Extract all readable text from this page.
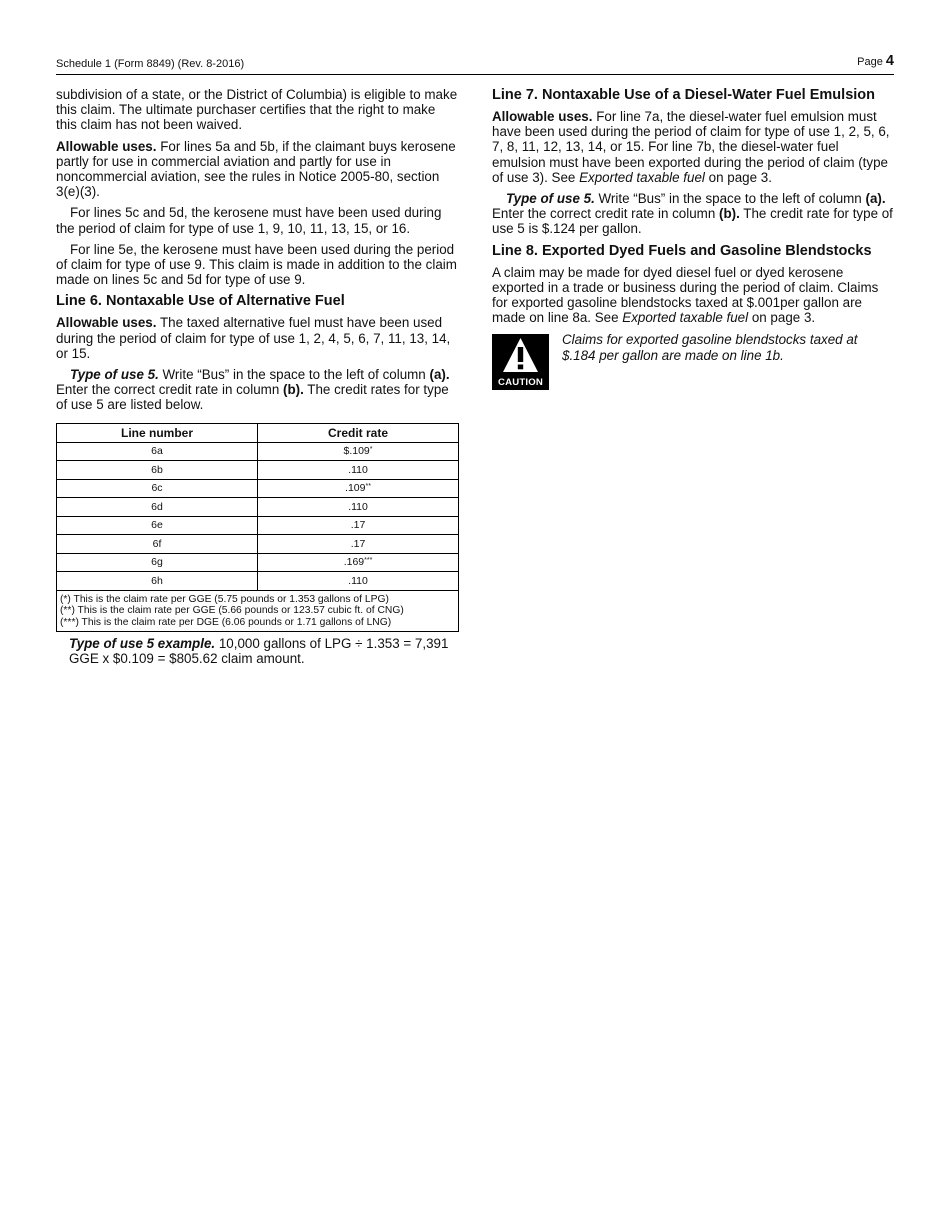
Schedule 1 (Form 8849) (Rev. 8-2016)	Page 4

subdivision of a state, or the District of Columbia) is eligible to make this claim. The ultimate purchaser certifies that the right to make this claim has not been waived.

Allowable uses. For lines 5a and 5b, if the claimant buys kerosene partly for use in commercial aviation and partly for use in noncommercial aviation, see the rules in Notice 2005-80, section 3(e)(3).

For lines 5c and 5d, the kerosene must have been used during the period of claim for type of use 1, 9, 10, 11, 13, 15, or 16.

For line 5e, the kerosene must have been used during the period of claim for type of use 9. This claim is made in addition to the claim made on lines 5c and 5d for type of use 9.

Line 6. Nontaxable Use of Alternative Fuel

Allowable uses. The taxed alternative fuel must have been used during the period of claim for type of use 1, 2, 4, 5, 6, 7, 11, 13, 14, or 15.

Type of use 5. Write “Bus” in the space to the left of column (a).  Enter the correct credit rate in column (b). The credit rates for type of use 5 are listed below.

Line number	Credit rate
6a	$.109*
6b	.110
6c	.109**
6d	.110
6e	.17
6f	.17
6g	.169***
6h	.110

(*) This is the claim rate per GGE (5.75 pounds or 1.353 gallons of LPG)
(**) This is the claim rate per GGE (5.66 pounds or 123.57 cubic ft. of CNG)
(***) This is the claim rate per DGE (6.06 pounds or 1.71 gallons of LNG)	

Type of use 5 example. 10,000 gallons of LPG ÷ 1.353 = 7,391 GGE x $0.109 = $805.62 claim amount.

Line 7. Nontaxable Use of a Diesel-Water Fuel Emulsion

Allowable uses. For line 7a, the diesel-water fuel emulsion must have been used during the period of claim for type of use 1, 2, 5, 6, 7, 8, 11, 12, 13, 14, or 15. For line 7b, the diesel-water fuel emulsion must have been exported during the period of claim (type of use 3). See Exported taxable fuel on page 3.

Type of use 5. Write “Bus” in the space to the left of column (a). Enter the correct credit rate in column (b). The credit rate for type of use 5 is $.124 per gallon.

Line 8. Exported Dyed Fuels and Gasoline Blendstocks

A claim may be made for dyed diesel fuel or dyed kerosene exported in a trade or business during the period of claim. Claims for exported gasoline blendstocks taxed at $.001per gallon are made on line 8a. See Exported taxable fuel on page 3.

CAUTION
Claims for exported gasoline blendstocks taxed at $.184 per gallon are made on line 1b.
